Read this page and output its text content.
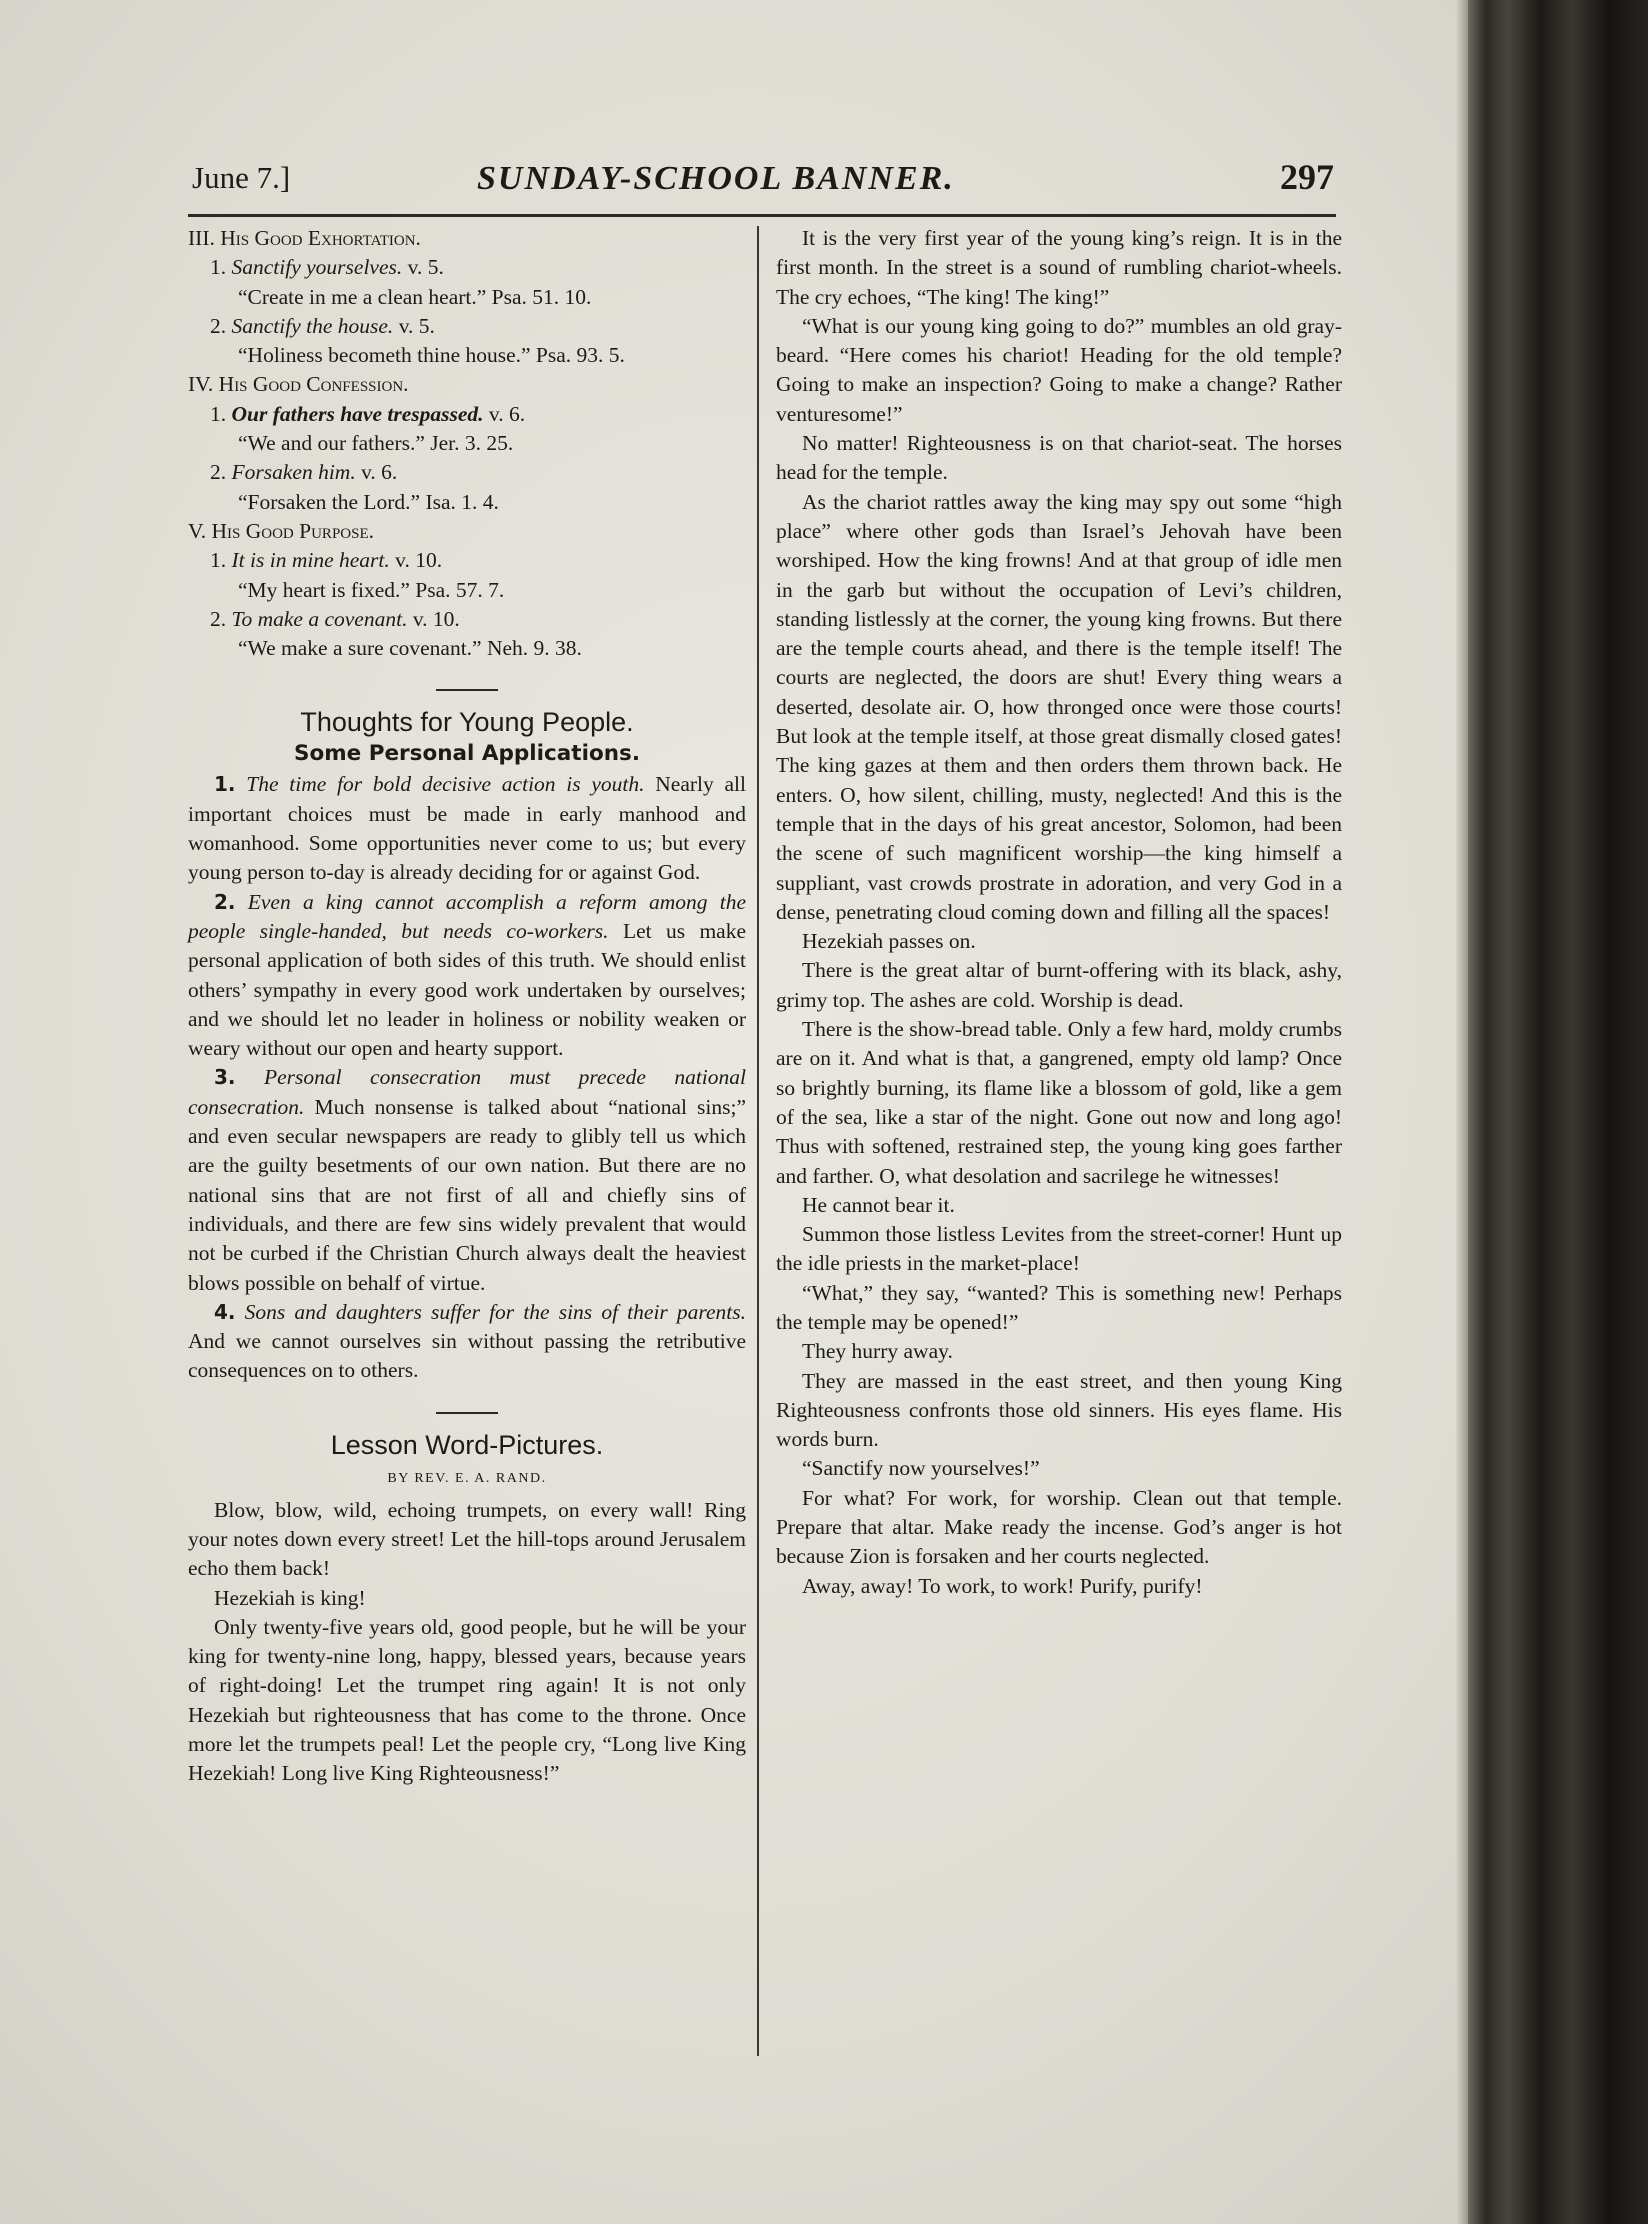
June 7.]	SUNDAY-SCHOOL BANNER.	297
III. His Good Exhortation.
1. Sanctify yourselves. v. 5.
“Create in me a clean heart.” Psa. 51. 10.
2. Sanctify the house. v. 5.
“Holiness becometh thine house.” Psa. 93. 5.
IV. His Good Confession.
1. Our fathers have trespassed. v. 6.
“We and our fathers.” Jer. 3. 25.
2. Forsaken him. v. 6.
“Forsaken the Lord.” Isa. 1. 4.
V. His Good Purpose.
1. It is in mine heart. v. 10.
“My heart is fixed.” Psa. 57. 7.
2. To make a covenant. v. 10.
“We make a sure covenant.” Neh. 9. 38.
Thoughts for Young People.
Some Personal Applications.

1. The time for bold decisive action is youth. Nearly all important choices must be made in early manhood and womanhood. Some opportunities never come to us; but every young person to-day is already deciding for or against God.

2. Even a king cannot accomplish a reform among the people single-handed, but needs co-workers. Let us make personal application of both sides of this truth. We should enlist others’ sympathy in every good work undertaken by ourselves; and we should let no leader in holiness or nobility weaken or weary without our open and hearty support.

3. Personal consecration must precede national consecration. Much nonsense is talked about “national sins;” and even secular newspapers are ready to glibly tell us which are the guilty besetments of our own nation. But there are no national sins that are not first of all and chiefly sins of individuals, and there are few sins widely prevalent that would not be curbed if the Christian Church always dealt the heaviest blows possible on behalf of virtue.

4. Sons and daughters suffer for the sins of their parents. And we cannot ourselves sin without passing the retributive consequences on to others.

Lesson Word-Pictures.
BY REV. E. A. RAND.

Blow, blow, wild, echoing trumpets, on every wall! Ring your notes down every street! Let the hill-tops around Jerusalem echo them back!

Hezekiah is king!

Only twenty-five years old, good people, but he will be your king for twenty-nine long, happy, blessed years, because years of right-doing! Let the trumpet ring again! It is not only Hezekiah but righteousness that has come to the throne. Once more let the trumpets peal! Let the people cry, “Long live King Hezekiah! Long live King Righteousness!”

It is the very first year of the young king’s reign. It is in the first month. In the street is a sound of rumbling chariot-wheels. The cry echoes, “The king! The king!”

“What is our young king going to do?” mumbles an old gray-beard. “Here comes his chariot! Heading for the old temple? Going to make an inspection? Going to make a change? Rather venturesome!”

No matter! Righteousness is on that chariot-seat. The horses head for the temple.

As the chariot rattles away the king may spy out some “high place” where other gods than Israel’s Jehovah have been worshiped. How the king frowns! And at that group of idle men in the garb but without the occupation of Levi’s children, standing listlessly at the corner, the young king frowns. But there are the temple courts ahead, and there is the temple itself! The courts are neglected, the doors are shut! Every thing wears a deserted, desolate air. O, how thronged once were those courts! But look at the temple itself, at those great dismally closed gates! The king gazes at them and then orders them thrown back. He enters. O, how silent, chilling, musty, neglected! And this is the temple that in the days of his great ancestor, Solomon, had been the scene of such magnificent worship—the king himself a suppliant, vast crowds prostrate in adoration, and very God in a dense, penetrating cloud coming down and filling all the spaces!

Hezekiah passes on.

There is the great altar of burnt-offering with its black, ashy, grimy top. The ashes are cold. Worship is dead.

There is the show-bread table. Only a few hard, moldy crumbs are on it. And what is that, a gangrened, empty old lamp? Once so brightly burning, its flame like a blossom of gold, like a gem of the sea, like a star of the night. Gone out now and long ago! Thus with softened, restrained step, the young king goes farther and farther. O, what desolation and sacrilege he witnesses!

He cannot bear it.

Summon those listless Levites from the street-corner! Hunt up the idle priests in the market-place!

“What,” they say, “wanted? This is something new! Perhaps the temple may be opened!”

They hurry away.

They are massed in the east street, and then young King Righteousness confronts those old sinners. His eyes flame. His words burn.

“Sanctify now yourselves!”

For what? For work, for worship. Clean out that temple. Prepare that altar. Make ready the incense. God’s anger is hot because Zion is forsaken and her courts neglected.

Away, away! To work, to work! Purify, purify!
